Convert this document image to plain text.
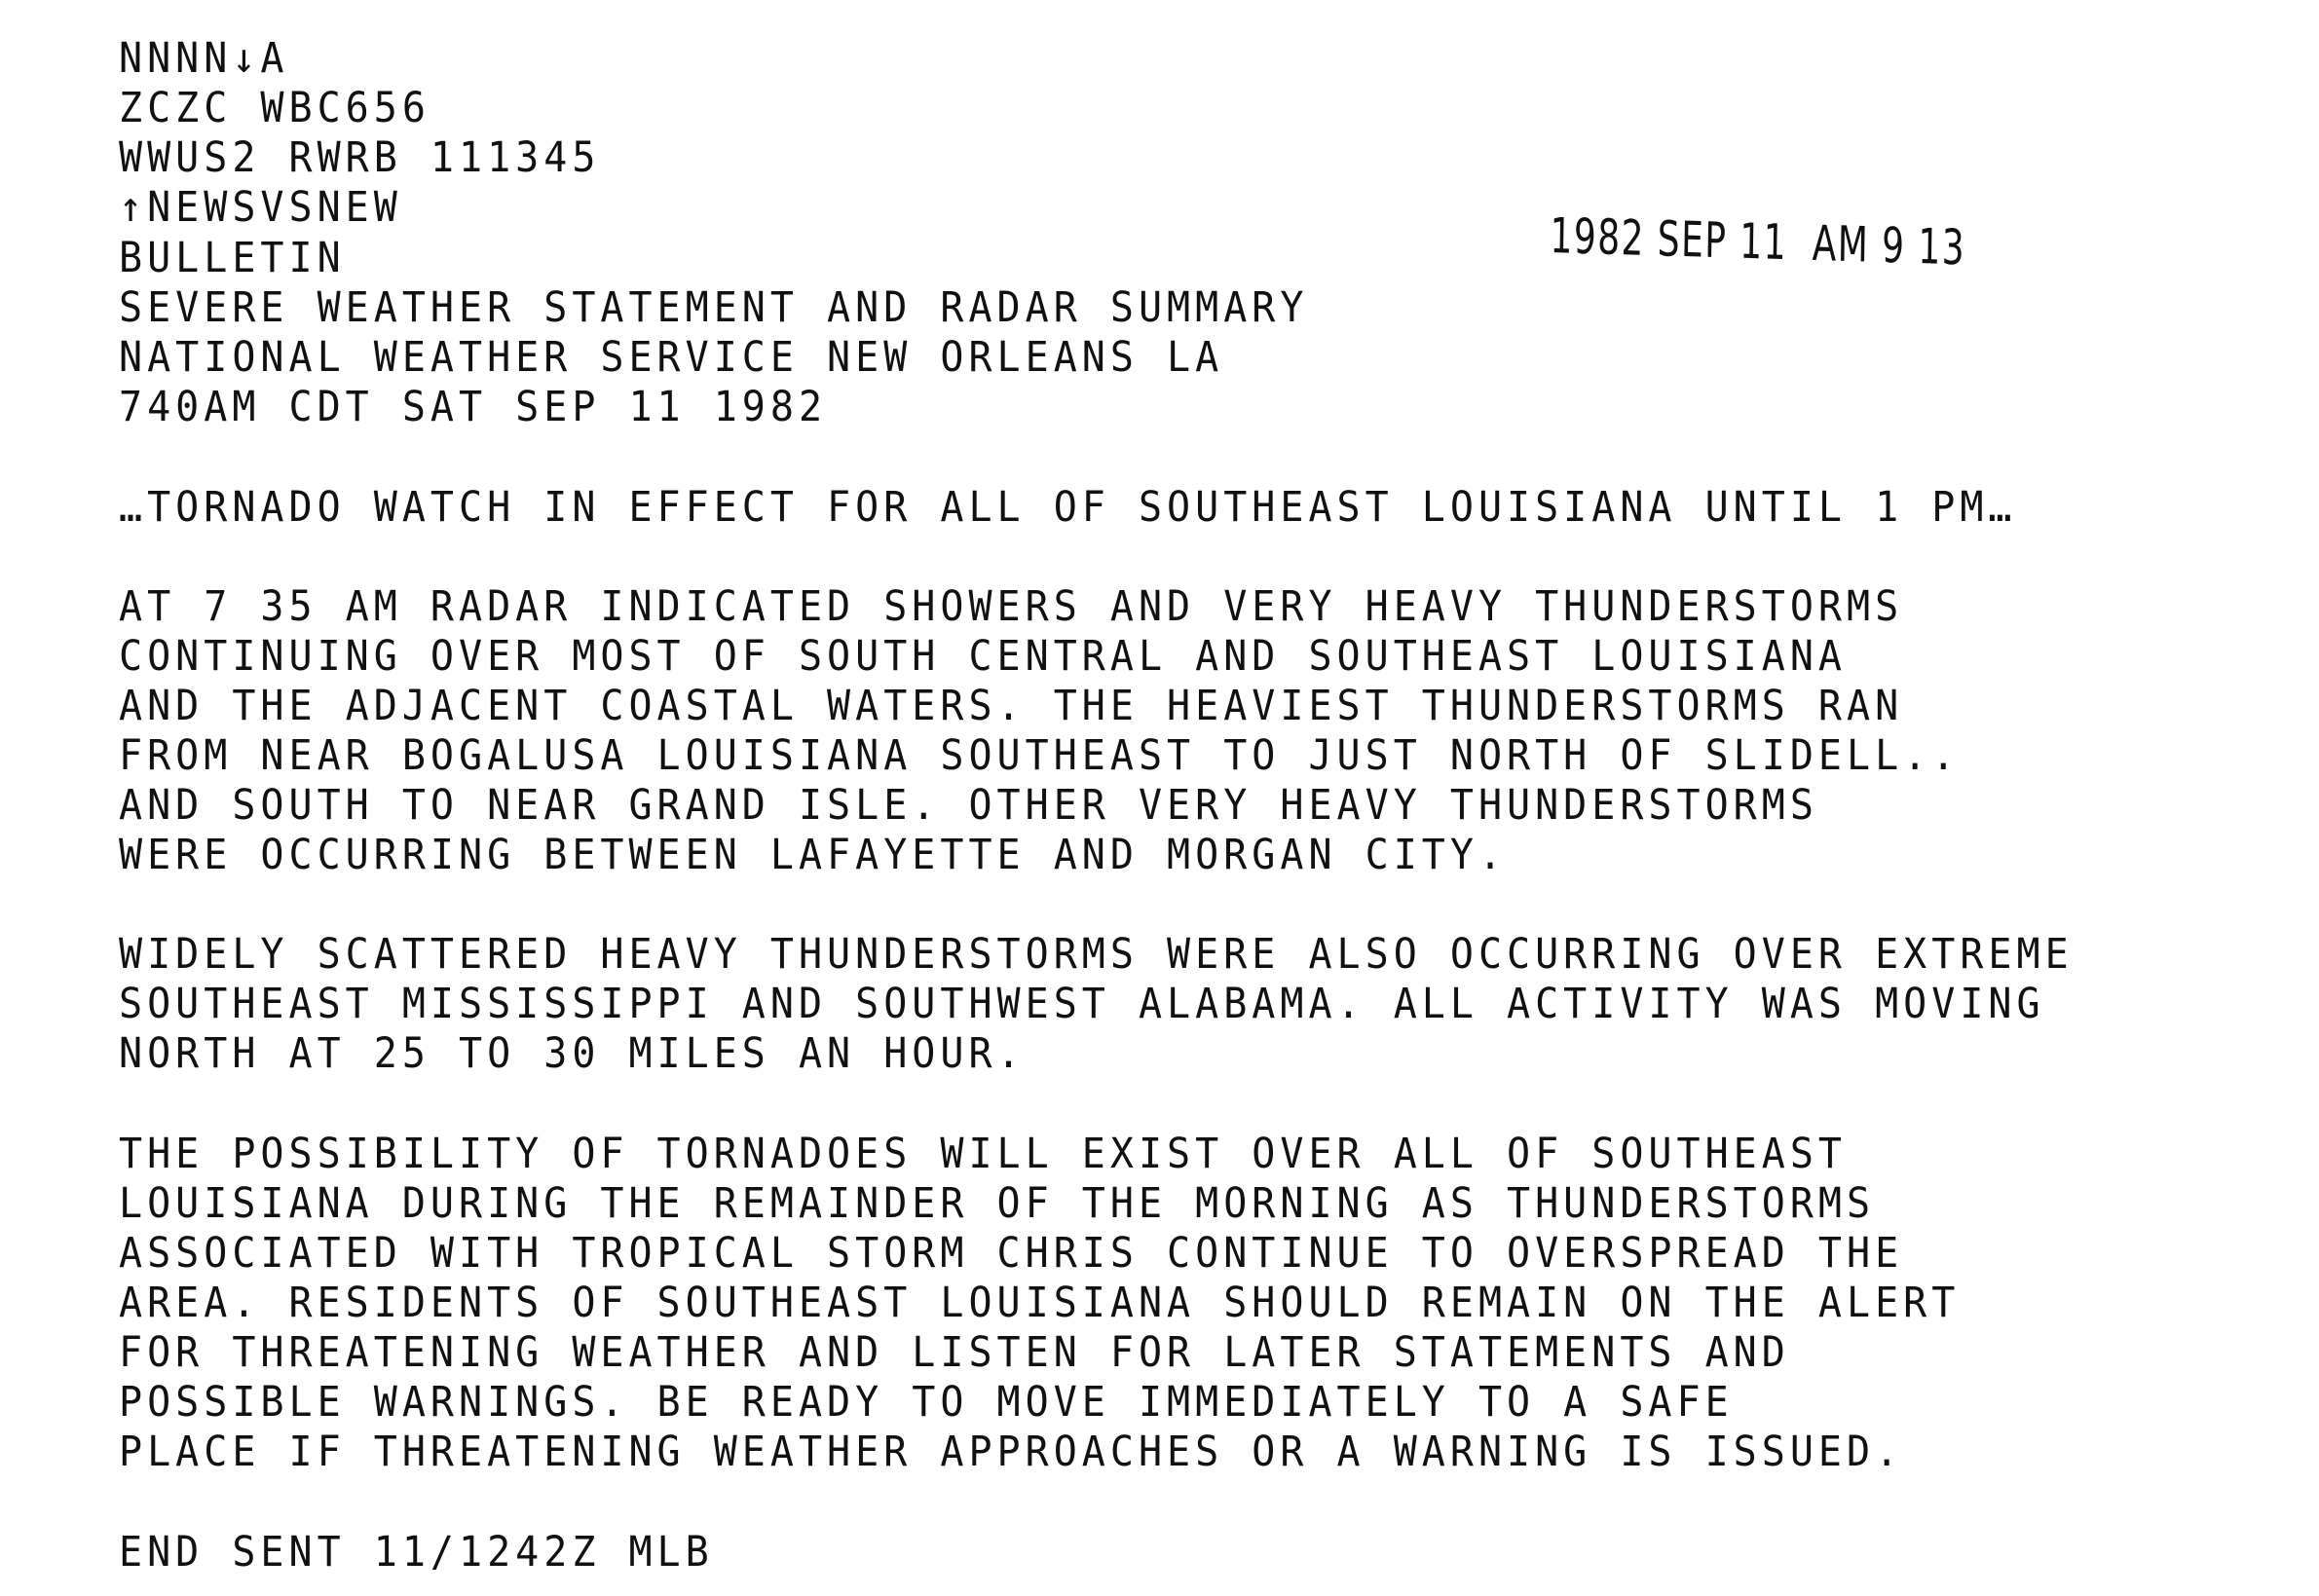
NNNN↓A

ZCZC WBC656

WWUS2 RWRB 111345

↑NEWSVSNEW

BULLETIN

SEVERE WEATHER STATEMENT AND RADAR SUMMARY

NATIONAL WEATHER SERVICE NEW ORLEANS LA

740AM CDT SAT SEP 11 1982

1982 SEP 11  AM 9 13

…TORNADO WATCH IN EFFECT FOR ALL OF SOUTHEAST LOUISIANA UNTIL 1 PM…

AT 7 35 AM RADAR INDICATED SHOWERS AND VERY HEAVY THUNDERSTORMS

CONTINUING OVER MOST OF SOUTH CENTRAL AND SOUTHEAST LOUISIANA

AND THE ADJACENT COASTAL WATERS. THE HEAVIEST THUNDERSTORMS RAN

FROM NEAR BOGALUSA LOUISIANA SOUTHEAST TO JUST NORTH OF SLIDELL..

AND SOUTH TO NEAR GRAND ISLE. OTHER VERY HEAVY THUNDERSTORMS

WERE OCCURRING BETWEEN LAFAYETTE AND MORGAN CITY.

WIDELY SCATTERED HEAVY THUNDERSTORMS WERE ALSO OCCURRING OVER EXTREME

SOUTHEAST MISSISSIPPI AND SOUTHWEST ALABAMA. ALL ACTIVITY WAS MOVING

NORTH AT 25 TO 30 MILES AN HOUR.

THE POSSIBILITY OF TORNADOES WILL EXIST OVER ALL OF SOUTHEAST

LOUISIANA DURING THE REMAINDER OF THE MORNING AS THUNDERSTORMS

ASSOCIATED WITH TROPICAL STORM CHRIS CONTINUE TO OVERSPREAD THE

AREA. RESIDENTS OF SOUTHEAST LOUISIANA SHOULD REMAIN ON THE ALERT

FOR THREATENING WEATHER AND LISTEN FOR LATER STATEMENTS AND

POSSIBLE WARNINGS. BE READY TO MOVE IMMEDIATELY TO A SAFE

PLACE IF THREATENING WEATHER APPROACHES OR A WARNING IS ISSUED.

END SENT 11/1242Z MLB
